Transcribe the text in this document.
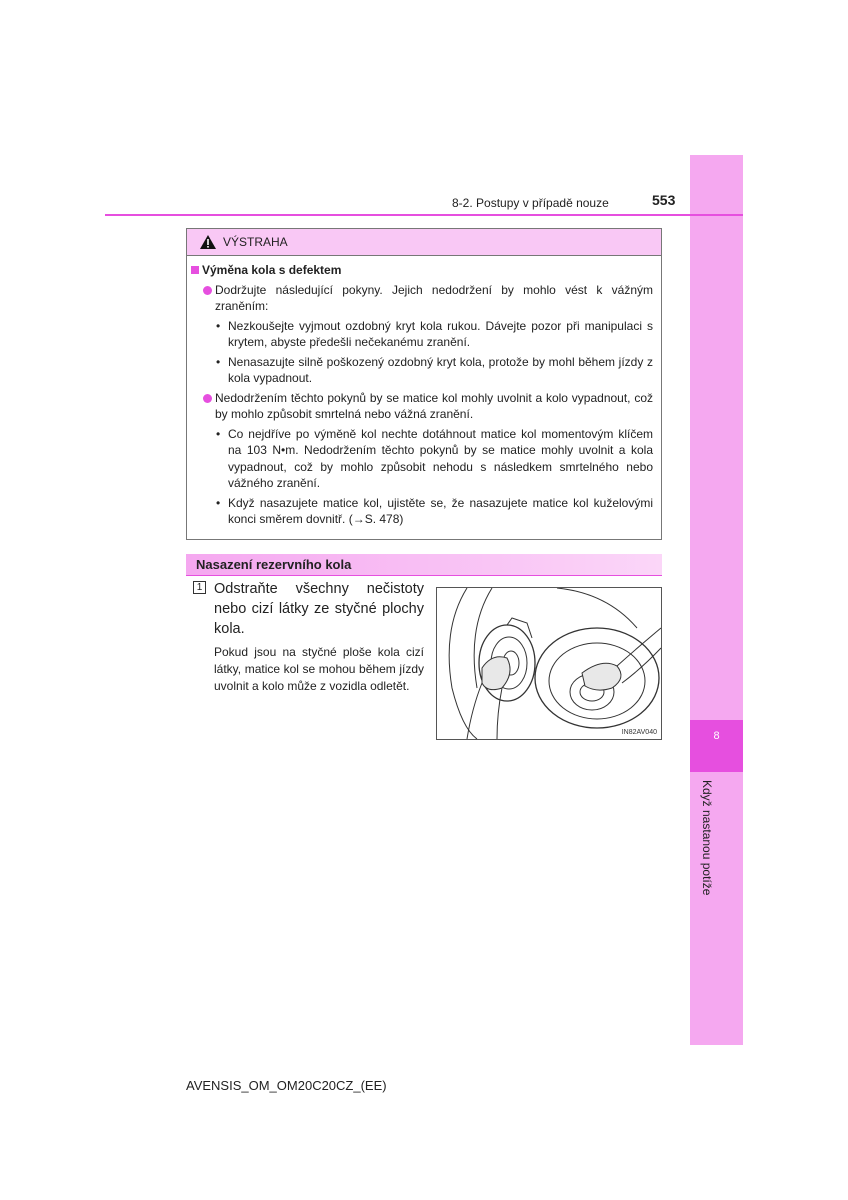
8
Když nastanou potíže
8-2. Postupy v případě nouze	553
VÝSTRAHA
Výměna kola s defektem
Dodržujte následující pokyny. Jejich nedodržení by mohlo vést k vážným zraněním:
• Nezkoušejte vyjmout ozdobný kryt kola rukou. Dávejte pozor při manipulaci s krytem, abyste předešli nečekanému zranění.
• Nenasazujte silně poškozený ozdobný kryt kola, protože by mohl během jízdy z kola vypadnout.
Nedodržením těchto pokynů by se matice kol mohly uvolnit a kolo vypadnout, což by mohlo způsobit smrtelná nebo vážná zranění.
• Co nejdříve po výměně kol nechte dotáhnout matice kol momentovým klíčem na 103 N•m. Nedodržením těchto pokynů by se matice mohly uvolnit a kola vypadnout, což by mohlo způsobit nehodu s následkem smrtelného nebo vážného zranění.
• Když nasazujete matice kol, ujistěte se, že nasazujete matice kol kuželovými konci směrem dovnitř. (→S. 478)
Nasazení rezervního kola
1 Odstraňte všechny nečistoty nebo cizí látky ze styčné plochy kola.
Pokud jsou na styčné ploše kola cizí látky, matice kol se mohou během jízdy uvolnit a kolo může z vozidla odletět.
IN82AV040
AVENSIS_OM_OM20C20CZ_(EE)
